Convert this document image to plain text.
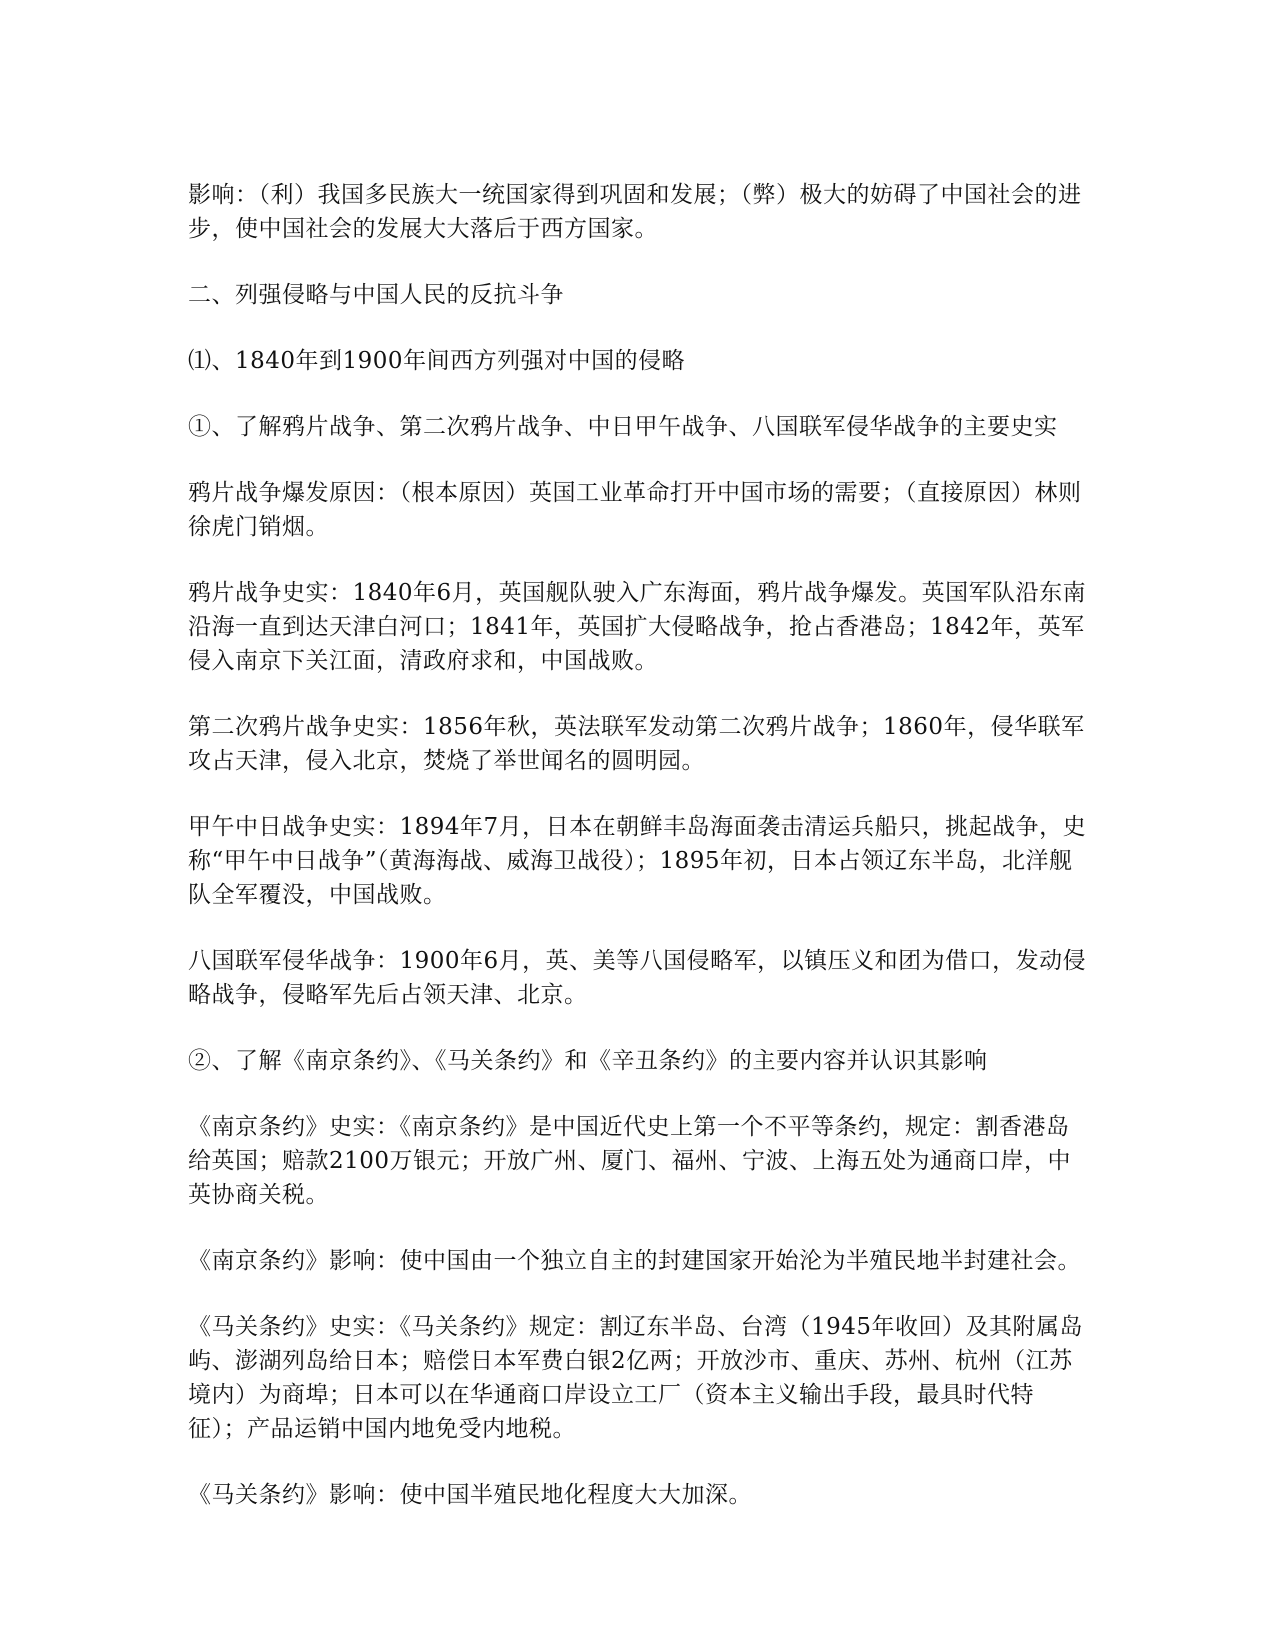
影响：（利）我国多民族大一统国家得到巩固和发展；（弊）极大的妨碍了中国社会的进步，使中国社会的发展大大落后于西方国家。

二、列强侵略与中国人民的反抗斗争

⑴、1840年到1900年间西方列强对中国的侵略

①、了解鸦片战争、第二次鸦片战争、中日甲午战争、八国联军侵华战争的主要史实

鸦片战争爆发原因：（根本原因）英国工业革命打开中国市场的需要；（直接原因）林则徐虎门销烟。

鸦片战争史实：1840年6月，英国舰队驶入广东海面，鸦片战争爆发。英国军队沿东南沿海一直到达天津白河口；1841年，英国扩大侵略战争，抢占香港岛；1842年，英军侵入南京下关江面，清政府求和，中国战败。

第二次鸦片战争史实：1856年秋，英法联军发动第二次鸦片战争；1860年，侵华联军攻占天津，侵入北京，焚烧了举世闻名的圆明园。

甲午中日战争史实：1894年7月，日本在朝鲜丰岛海面袭击清运兵船只，挑起战争，史称“甲午中日战争”（黄海海战、威海卫战役）；1895年初，日本占领辽东半岛，北洋舰队全军覆没，中国战败。

八国联军侵华战争：1900年6月，英、美等八国侵略军，以镇压义和团为借口，发动侵略战争，侵略军先后占领天津、北京。

②、了解《南京条约》、《马关条约》和《辛丑条约》的主要内容并认识其影响

《南京条约》史实：《南京条约》是中国近代史上第一个不平等条约，规定：割香港岛给英国；赔款2100万银元；开放广州、厦门、福州、宁波、上海五处为通商口岸，中英协商关税。

《南京条约》影响：使中国由一个独立自主的封建国家开始沦为半殖民地半封建社会。

《马关条约》史实：《马关条约》规定：割辽东半岛、台湾（1945年收回）及其附属岛屿、澎湖列岛给日本；赔偿日本军费白银2亿两；开放沙市、重庆、苏州、杭州（江苏境内）为商埠；日本可以在华通商口岸设立工厂（资本主义输出手段，最具时代特征）；产品运销中国内地免受内地税。

《马关条约》影响：使中国半殖民地化程度大大加深。
